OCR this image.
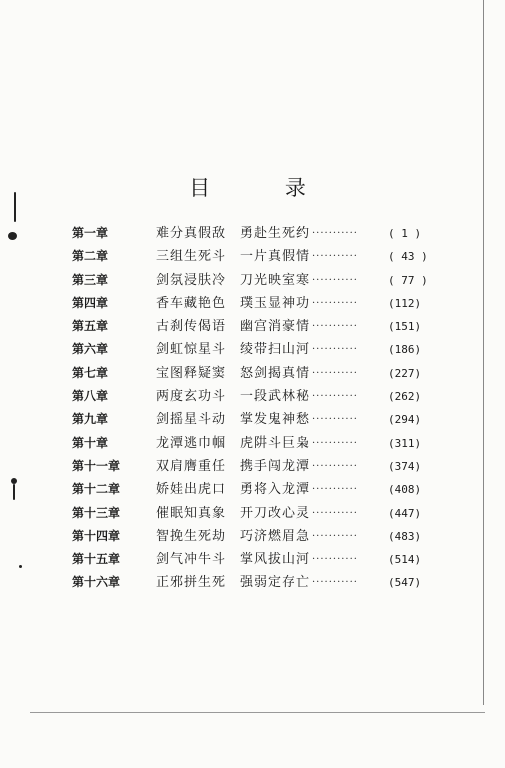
目 录
第一章	难分真假敌	勇赴生死约 ···········	( 1 )
第二章	三组生死斗	一片真假情 ···········	( 43 )
第三章	剑氛浸肤冷	刀光映室寒 ···········	( 77 )
第四章	香车藏艳色	璞玉显神功 ···········	(112)
第五章	古刹传偈语	幽宫消豪情 ···········	(151)
第六章	剑虹惊星斗	绫带扫山河 ···········	(186)
第七章	宝图释疑窦	怒剑揭真情 ···········	(227)
第八章	两度玄功斗	一段武林秘 ···········	(262)
第九章	剑摇星斗动	掌发鬼神愁 ···········	(294)
第十章	龙潭逃巾帼	虎阱斗巨枭 ···········	(311)
第十一章	双肩膺重任	携手闯龙潭 ···········	(374)
第十二章	娇娃出虎口	勇将入龙潭 ···········	(408)
第十三章	催眠知真象	开刀改心灵 ···········	(447)
第十四章	智挽生死劫	巧济燃眉急 ···········	(483)
第十五章	剑气冲牛斗	掌风拔山河 ···········	(514)
第十六章	正邪拼生死	强弱定存亡 ···········	(547)
